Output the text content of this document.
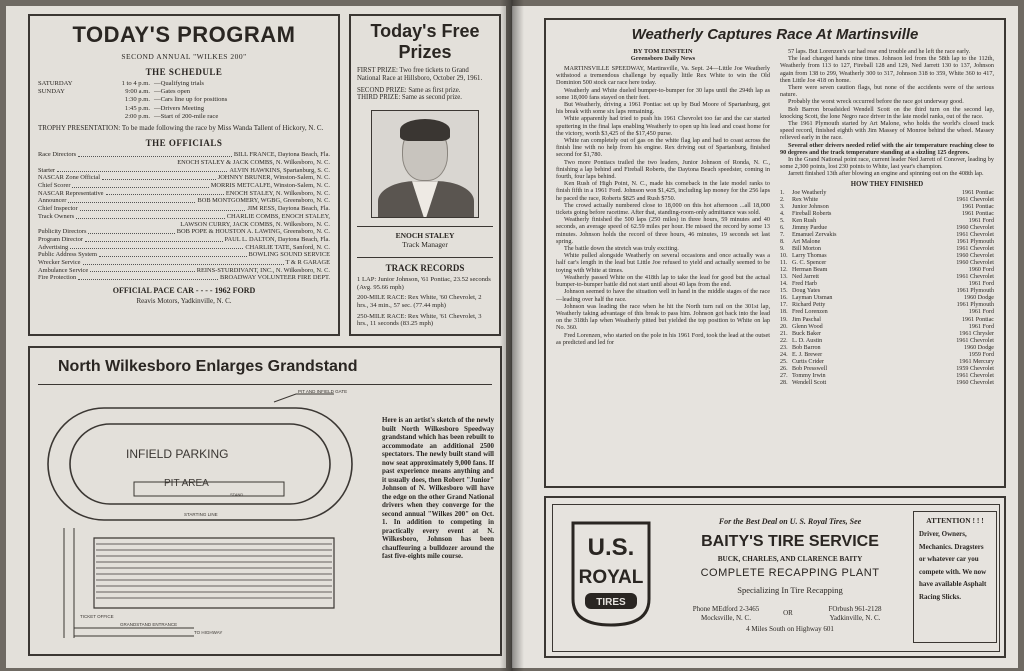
TODAY'S PROGRAM
SECOND ANNUAL "WILKES 200"
THE SCHEDULE
SATURDAY	1 to 4 p.m. —Qualifying trials
SUNDAY	9:00 a.m. —Gates open
1:30 p.m. —Cars line up for positions
1:45 p.m. —Drivers Meeting
2:00 p.m. —Start of 200-mile race
TROPHY PRESENTATION: To be made following the race by Miss Wanda Tallent of Hickory, N. C.
THE OFFICIALS
Race Directors	BILL FRANCE, Daytona Beach, Fla.
ENOCH STALEY & JACK COMBS, N. Wilkesboro, N. C.
Starter	ALVIN HAWKINS, Spartanburg, S. C.
NASCAR Zone Official	JOHNNY BRUNER, Winston-Salem, N. C.
Chief Scorer	MORRIS METCALFE, Winston-Salem, N. C.
NASCAR Representative	ENOCH STALEY, N. Wilkesboro, N. C.
Announcer	BOB MONTGOMERY, WGBG, Greensboro, N. C.
Chief Inspector	JIM RESS, Daytona Beach, Fla.
Track Owners	CHARLIE COMBS, ENOCH STALEY,
LAWSON CURRY, JACK COMBS, N. Wilkesboro, N. C.
Publicity Directors	BOB POPE & HOUSTON A. LAWING, Greensboro, N. C.
Program Director	PAUL L. DALTON, Daytona Beach, Fla.
Advertising	CHARLIE TATE, Sanford, N. C.
Public Address System	BOWLING SOUND SERVICE
Wrecker Service	T & R GARAGE
Ambulance Service	REINS-STURDIVANT, INC., N. Wilkesboro, N. C.
Fire Protection	BROADWAY VOLUNTEER FIRE DEPT.
OFFICIAL PACE CAR - - - - 1962 FORD
Reavis Motors, Yadkinville, N. C.
Today's Free Prizes
FIRST PRIZE: Two free tickets to Grand National Race at Hillsboro, October 29, 1961.
SECOND PRIZE: Same as first prize.
THIRD PRIZE: Same as second prize.
ENOCH STALEY
Track Manager
TRACK RECORDS
1 LAP: Junior Johnson, '61 Pontiac, 23.52 seconds (Avg. 95.66 mph)
200-MILE RACE: Rex White, '60 Chevrolet, 2 hrs., 34 min., 57 sec. (77.44 mph)
250-MILE RACE: Rex White, '61 Chevrolet, 3 hrs., 11 seconds (83.25 mph)
North Wilkesboro Enlarges Grandstand
INFIELD PARKING
PIT AREA
STARTING LINE
PIT AND INFIELD GATE
STAND
TICKET OFFICE
GRANDSTAND ENTRANCE
TO HIGHWAY
Here is an artist's sketch of the newly built North Wilkesboro Speedway grandstand which has been rebuilt to accommodate an additional 2500 spectators. The newly built stand will now seat approximately 9,000 fans. If past experience means anything and it usually does, then Robert "Junior" Johnson of N. Wilkesboro will have the edge on the other Grand National drivers when they converge for the second annual "Wilkes 200" on Oct. 1. In addition to competing in practically every event at N. Wilkesboro, Johnson has been chauffeuring a bulldozer around the fast five-eights mile course.
Weatherly Captures Race At Martinsville
BY TOM EINSTEIN
Greensboro Daily News

MARTINSVILLE SPEEDWAY, Martinsville, Va. Sept. 24—Little Joe Weatherly withstood a tremendous challenge by equally little Rex White to win the Old Dominion 500 stock car race here today.

Weatherly and White dueled bumper-to-bumper for 30 laps until the 294th lap as some 18,000 fans stayed on their feet.

But Weatherly, driving a 1961 Pontiac set up by Bud Moore of Spartanburg, got his break with some six laps remaining.

White apparently had tried to push his 1961 Chevrolet too far and the car started sputtering in the final laps enabling Weatherly to open up his lead and coast home for the victory, worth $3,425 of the $17,450 purse.

White ran completely out of gas on the white flag lap and had to coast across the finish line with no help from his engine. Rex driving out of Spartanburg, finished second for $1,780.

Two more Pontiacs trailed the two leaders, Junior Johnson of Ronda, N. C., finishing a lap behind and Fireball Roberts, the Daytona Beach speedster, coming in fourth, four laps behind.

Ken Rush of High Point, N. C., made his comeback in the late model ranks to finish fifth in a 1961 Ford. Johnson won $1,425, including lap money for the 256 laps he paced the race, Roberts $825 and Rush $750.

The crowd actually numbered close to 18,000 on this hot afternoon ...all 18,000 tickets going before racetime. After that, standing-room-only admittance was sold.

Weatherly finished the 500 laps (250 miles) in three hours, 59 minutes and 40 seconds, an average speed of 62.59 miles per hour. He missed the record by some 13 minutes. Johnson holds the record of three hours, 46 minutes, 19 seconds set last spring.

The battle down the stretch was truly exciting.

White pulled alongside Weatherly on several occasions and once actually was a half car's length in the lead but Little Joe refused to yield and actually seemed to be toying with White at times.

Weatherly passed White on the 418th lap to take the lead for good but the actual bumper-to-bumper battle did not start until about 40 laps from the end.

Johnson seemed to have the situation well in hand in the middle stages of the race—leading over half the race.

Johnson was leading the race when he hit the North turn rail on the 301st lap, Weatherly taking advantage of this break to pass him. Johnson got back into the lead on the 318th lap when Weatherly pitted but yielded the top position to White on lap No. 360.

Fred Lorenzen, who started on the pole in his 1961 Ford, took the lead at the outset as predicted and led for

57 laps. But Lorenzen's car had rear end trouble and he left the race early.

The lead changed hands nine times. Johnson led from the 58th lap to the 112th, Weatherly from 113 to 127, Fireball 128 and 129, Ned Jarrett 130 to 137, Johnson again from 138 to 299, Weatherly 300 to 317, Johnson 318 to 359, White 360 to 417, then Little Joe 418 on home.

There were seven caution flags, but none of the accidents were of the serious nature.

Probably the worst wreck occurred before the race got underway good.

Bob Barron broadsided Wendell Scott on the third turn on the second lap, knocking Scott, the lone Negro race driver in the late model ranks, out of the race.

The 1961 Plymouth started by Art Malone, who holds the world's closed track speed record, finished eighth with Jim Massey of Monroe behind the wheel. Massey relieved early in the race.

Several other drivers needed relief with the air temperature reaching close to 90 degrees and the track temperature standing at a sizzling 125 degrees.

In the Grand National point race, current leader Ned Jarrett of Conover, leading by some 2,300 points, lost 230 points to White, last year's champion.

Jarrett finished 13th after blowing an engine and spinning out on the 408th lap.

HOW THEY FINISHED
1.	Joe Weatherly	1961 Pontiac
2.	Rex White	1961 Chevrolet
3.	Junior Johnson	1961 Pontiac
4.	Fireball Roberts	1961 Pontiac
5.	Ken Rush	1961 Ford
6.	Jimmy Pardue	1960 Chevrolet
7.	Emanuel Zervakis	1961 Chevrolet
8.	Art Malone	1961 Plymouth
9.	Bill Morton	1961 Chevrolet
10. Larry Thomas	1960 Chevrolet
11. G. C. Spencer	1960 Chevrolet
12. Herman Beam	1960 Ford
13. Ned Jarrett	1961 Chevrolet
14. Fred Harb	1961 Ford
15. Doug Yates	1961 Plymouth
16. Layman Utsman	1960 Dodge
17. Richard Petty	1961 Plymouth
18. Fred Lorenzen	1961 Ford
19. Jim Paschal	1961 Pontiac
20. Glenn Wood	1961 Ford
21. Buck Baker	1961 Chrysler
22. L. D. Austin	1961 Chevrolet
23. Bob Barron	1960 Dodge
24. E. J. Brewer	1959 Ford
25. Curtis Crider	1961 Mercury
26. Bob Presswell	1959 Chevrolet
27. Tommy Irwin	1961 Chevrolet
28. Wendell Scott	1960 Chevrolet
U.S.
ROYAL
TIRES
For the Best Deal on U. S. Royal Tires, See
BAITY'S TIRE SERVICE
BUCK, CHARLES, AND CLARENCE BAITY
COMPLETE RECAPPING PLANT
Specializing In Tire Recapping
Phone MEdford 2-3465
Mocksville, N. C.
OR	FOrbush 961-2128
Yadkinville, N. C.
4 Miles South on Highway 601
ATTENTION ! ! !
Driver, Owners, Mechanics. Dragsters or whatever car you compete with. We now have available Asphalt Racing Slicks.
